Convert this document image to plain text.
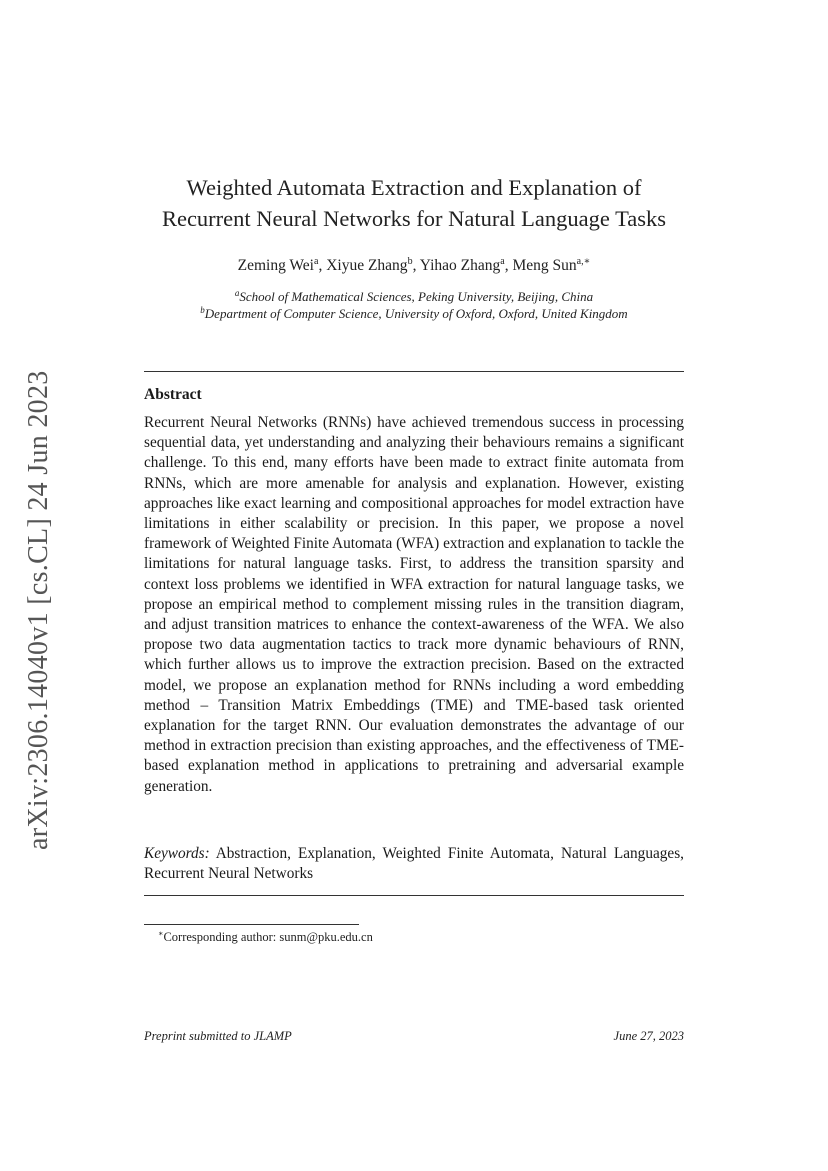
arXiv:2306.14040v1 [cs.CL] 24 Jun 2023
Weighted Automata Extraction and Explanation of
Recurrent Neural Networks for Natural Language Tasks
Zeming Wei$^a$, Xiyue Zhang$^b$, Yihao Zhang$^a$, Meng Sun$^{a,∗}$
$^a$School of Mathematical Sciences, Peking University, Beijing, China
$^b$Department of Computer Science, University of Oxford, Oxford, United Kingdom
Abstract
Recurrent Neural Networks (RNNs) have achieved tremendous success in processing sequential data, yet understanding and analyzing their behaviours remains a significant challenge. To this end, many efforts have been made to extract finite automata from RNNs, which are more amenable for analysis and explanation. However, existing approaches like exact learning and compositional approaches for model extraction have limitations in either scalability or precision. In this paper, we propose a novel framework of Weighted Finite Automata (WFA) extraction and explanation to tackle the limitations for natural language tasks. First, to address the transition sparsity and context loss problems we identified in WFA extraction for natural language tasks, we propose an empirical method to complement missing rules in the transition diagram, and adjust transition matrices to enhance the context-awareness of the WFA. We also propose two data augmentation tactics to track more dynamic behaviours of RNN, which further allows us to improve the extraction precision. Based on the extracted model, we propose an explanation method for RNNs including a word embedding method – Transition Matrix Embeddings (TME) and TME-based task oriented explanation for the target RNN. Our evaluation demonstrates the advantage of our method in extraction precision than existing approaches, and the effectiveness of TME-based explanation method in applications to pretraining and adversarial example generation.
Keywords: Abstraction, Explanation, Weighted Finite Automata, Natural Languages, Recurrent Neural Networks
∗Corresponding author: sunm@pku.edu.cn
Preprint submitted to JLAMP	June 27, 2023
